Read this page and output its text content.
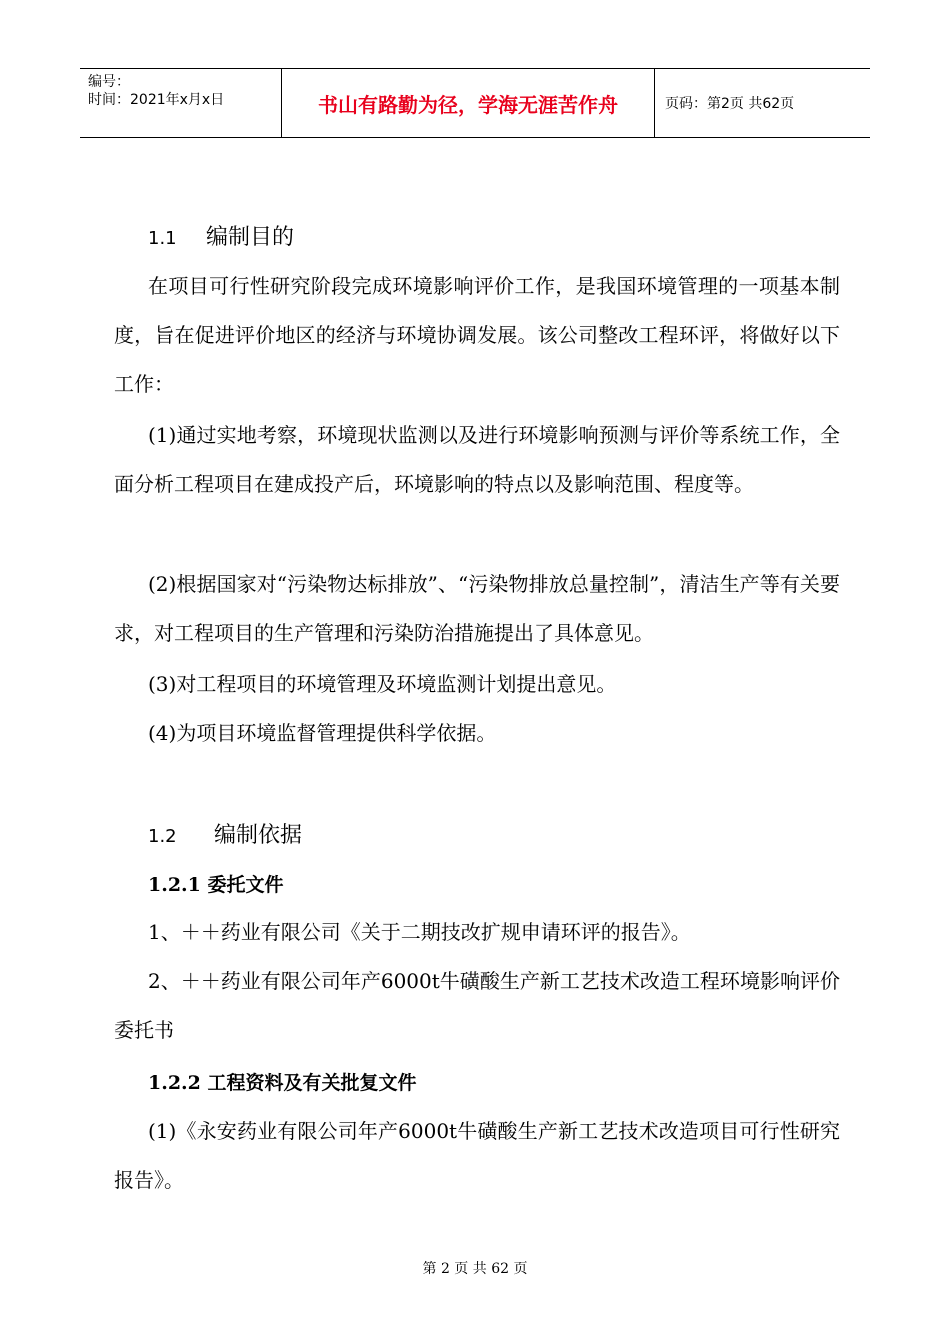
编号：
时间：2021年x月x日	书山有路勤为径，学海无涯苦作舟	页码：第2页 共62页
1.1 编制目的
在项目可行性研究阶段完成环境影响评价工作，是我国环境管理的一项基本制度，旨在促进评价地区的经济与环境协调发展。该公司整改工程环评，将做好以下工作：
(1)通过实地考察，环境现状监测以及进行环境影响预测与评价等系统工作，全面分析工程项目在建成投产后，环境影响的特点以及影响范围、程度等。
(2)根据国家对“污染物达标排放”、“污染物排放总量控制”，清洁生产等有关要求，对工程项目的生产管理和污染防治措施提出了具体意见。
(3)对工程项目的环境管理及环境监测计划提出意见。
(4)为项目环境监督管理提供科学依据。
1.2 编制依据
1.2.1 委托文件
1、＋＋药业有限公司《关于二期技改扩规申请环评的报告》。
2、＋＋药业有限公司年产6000t牛磺酸生产新工艺技术改造工程环境影响评价委托书
1.2.2 工程资料及有关批复文件
(1)《永安药业有限公司年产6000t牛磺酸生产新工艺技术改造项目可行性研究报告》。
第 2 页 共 62 页
